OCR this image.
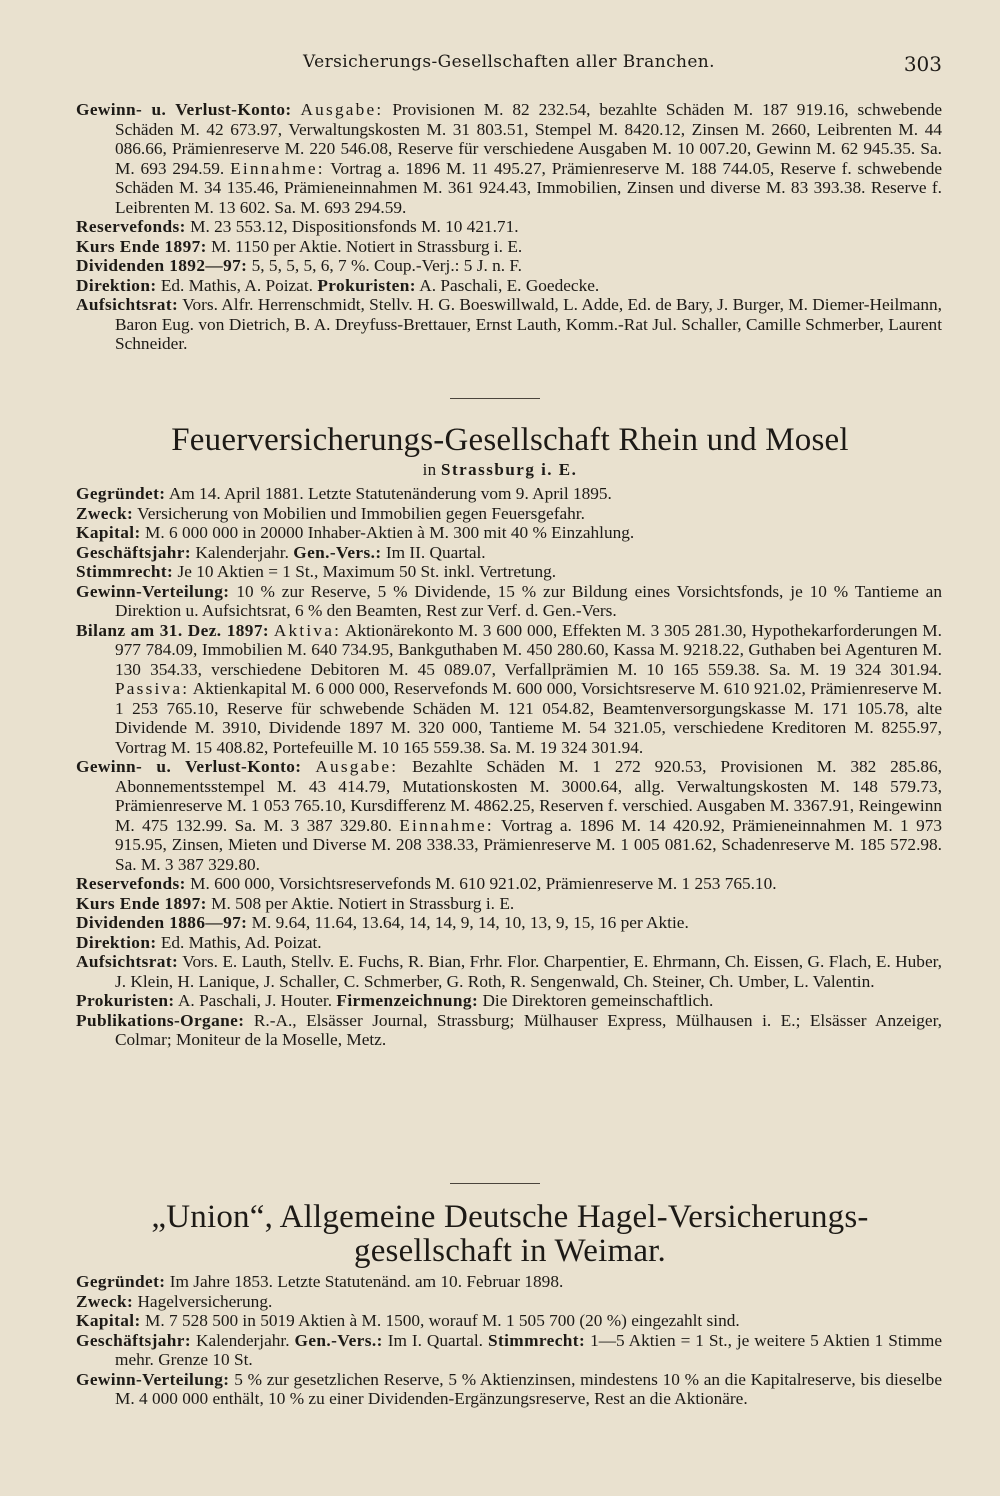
Versicherungs-Gesellschaften aller Branchen.	303

Gewinn- u. Verlust-Konto: Ausgabe: Provisionen M. 82 232.54, bezahlte Schäden M. 187 919.16, schwebende Schäden M. 42 673.97, Verwaltungskosten M. 31 803.51, Stempel M. 8420.12, Zinsen M. 2660, Leibrenten M. 44 086.66, Prämienreserve M. 220 546.08, Reserve für verschiedene Ausgaben M. 10 007.20, Gewinn M. 62 945.35. Sa. M. 693 294.59. Einnahme: Vortrag a. 1896 M. 11 495.27, Prämienreserve M. 188 744.05, Reserve f. schwebende Schäden M. 34 135.46, Prämieneinnahmen M. 361 924.43, Immobilien, Zinsen und diverse M. 83 393.38. Reserve f. Leibrenten M. 13 602. Sa. M. 693 294.59.

Reservefonds: M. 23 553.12, Dispositionsfonds M. 10 421.71.

Kurs Ende 1897: M. 1150 per Aktie. Notiert in Strassburg i. E.

Dividenden 1892—97: 5, 5, 5, 5, 6, 7 %. Coup.-Verj.: 5 J. n. F.

Direktion: Ed. Mathis, A. Poizat. Prokuristen: A. Paschali, E. Goedecke.

Aufsichtsrat: Vors. Alfr. Herrenschmidt, Stellv. H. G. Boeswillwald, L. Adde, Ed. de Bary, J. Burger, M. Diemer-Heilmann, Baron Eug. von Dietrich, B. A. Dreyfuss-Brettauer, Ernst Lauth, Komm.-Rat Jul. Schaller, Camille Schmerber, Laurent Schneider.

Feuerversicherungs-Gesellschaft Rhein und Mosel
in Strassburg i. E.

Gegründet: Am 14. April 1881. Letzte Statutenänderung vom 9. April 1895.

Zweck: Versicherung von Mobilien und Immobilien gegen Feuersgefahr.

Kapital: M. 6 000 000 in 20000 Inhaber-Aktien à M. 300 mit 40 % Einzahlung.

Geschäftsjahr: Kalenderjahr. Gen.-Vers.: Im II. Quartal.

Stimmrecht: Je 10 Aktien = 1 St., Maximum 50 St. inkl. Vertretung.

Gewinn-Verteilung: 10 % zur Reserve, 5 % Dividende, 15 % zur Bildung eines Vorsichtsfonds, je 10 % Tantieme an Direktion u. Aufsichtsrat, 6 % den Beamten, Rest zur Verf. d. Gen.-Vers.

Bilanz am 31. Dez. 1897: Aktiva: Aktionärekonto M. 3 600 000, Effekten M. 3 305 281.30, Hypothekarforderungen M. 977 784.09, Immobilien M. 640 734.95, Bankguthaben M. 450 280.60, Kassa M. 9218.22, Guthaben bei Agenturen M. 130 354.33, verschiedene Debitoren M. 45 089.07, Verfallprämien M. 10 165 559.38. Sa. M. 19 324 301.94. Passiva: Aktienkapital M. 6 000 000, Reservefonds M. 600 000, Vorsichtsreserve M. 610 921.02, Prämienreserve M. 1 253 765.10, Reserve für schwebende Schäden M. 121 054.82, Beamtenversorgungskasse M. 171 105.78, alte Dividende M. 3910, Dividende 1897 M. 320 000, Tantieme M. 54 321.05, verschiedene Kreditoren M. 8255.97, Vortrag M. 15 408.82, Portefeuille M. 10 165 559.38. Sa. M. 19 324 301.94.

Gewinn- u. Verlust-Konto: Ausgabe: Bezahlte Schäden M. 1 272 920.53, Provisionen M. 382 285.86, Abonnementsstempel M. 43 414.79, Mutationskosten M. 3000.64, allg. Verwaltungskosten M. 148 579.73, Prämienreserve M. 1 053 765.10, Kursdifferenz M. 4862.25, Reserven f. verschied. Ausgaben M. 3367.91, Reingewinn M. 475 132.99. Sa. M. 3 387 329.80. Einnahme: Vortrag a. 1896 M. 14 420.92, Prämieneinnahmen M. 1 973 915.95, Zinsen, Mieten und Diverse M. 208 338.33, Prämienreserve M. 1 005 081.62, Schadenreserve M. 185 572.98. Sa. M. 3 387 329.80.

Reservefonds: M. 600 000, Vorsichtsreservefonds M. 610 921.02, Prämienreserve M. 1 253 765.10.

Kurs Ende 1897: M. 508 per Aktie. Notiert in Strassburg i. E.

Dividenden 1886—97: M. 9.64, 11.64, 13.64, 14, 14, 9, 14, 10, 13, 9, 15, 16 per Aktie.

Direktion: Ed. Mathis, Ad. Poizat.

Aufsichtsrat: Vors. E. Lauth, Stellv. E. Fuchs, R. Bian, Frhr. Flor. Charpentier, E. Ehrmann, Ch. Eissen, G. Flach, E. Huber, J. Klein, H. Lanique, J. Schaller, C. Schmerber, G. Roth, R. Sengenwald, Ch. Steiner, Ch. Umber, L. Valentin.

Prokuristen: A. Paschali, J. Houter. Firmenzeichnung: Die Direktoren gemeinschaftlich.

Publikations-Organe: R.-A., Elsässer Journal, Strassburg; Mülhauser Express, Mülhausen i. E.; Elsässer Anzeiger, Colmar; Moniteur de la Moselle, Metz.

„Union“, Allgemeine Deutsche Hagel-Versicherungs-
gesellschaft in Weimar.

Gegründet: Im Jahre 1853. Letzte Statutenänd. am 10. Februar 1898.

Zweck: Hagelversicherung.

Kapital: M. 7 528 500 in 5019 Aktien à M. 1500, worauf M. 1 505 700 (20 %) eingezahlt sind.

Geschäftsjahr: Kalenderjahr. Gen.-Vers.: Im I. Quartal. Stimmrecht: 1—5 Aktien = 1 St., je weitere 5 Aktien 1 Stimme mehr. Grenze 10 St.

Gewinn-Verteilung: 5 % zur gesetzlichen Reserve, 5 % Aktienzinsen, mindestens 10 % an die Kapitalreserve, bis dieselbe M. 4 000 000 enthält, 10 % zu einer Dividenden-Ergänzungsreserve, Rest an die Aktionäre.
